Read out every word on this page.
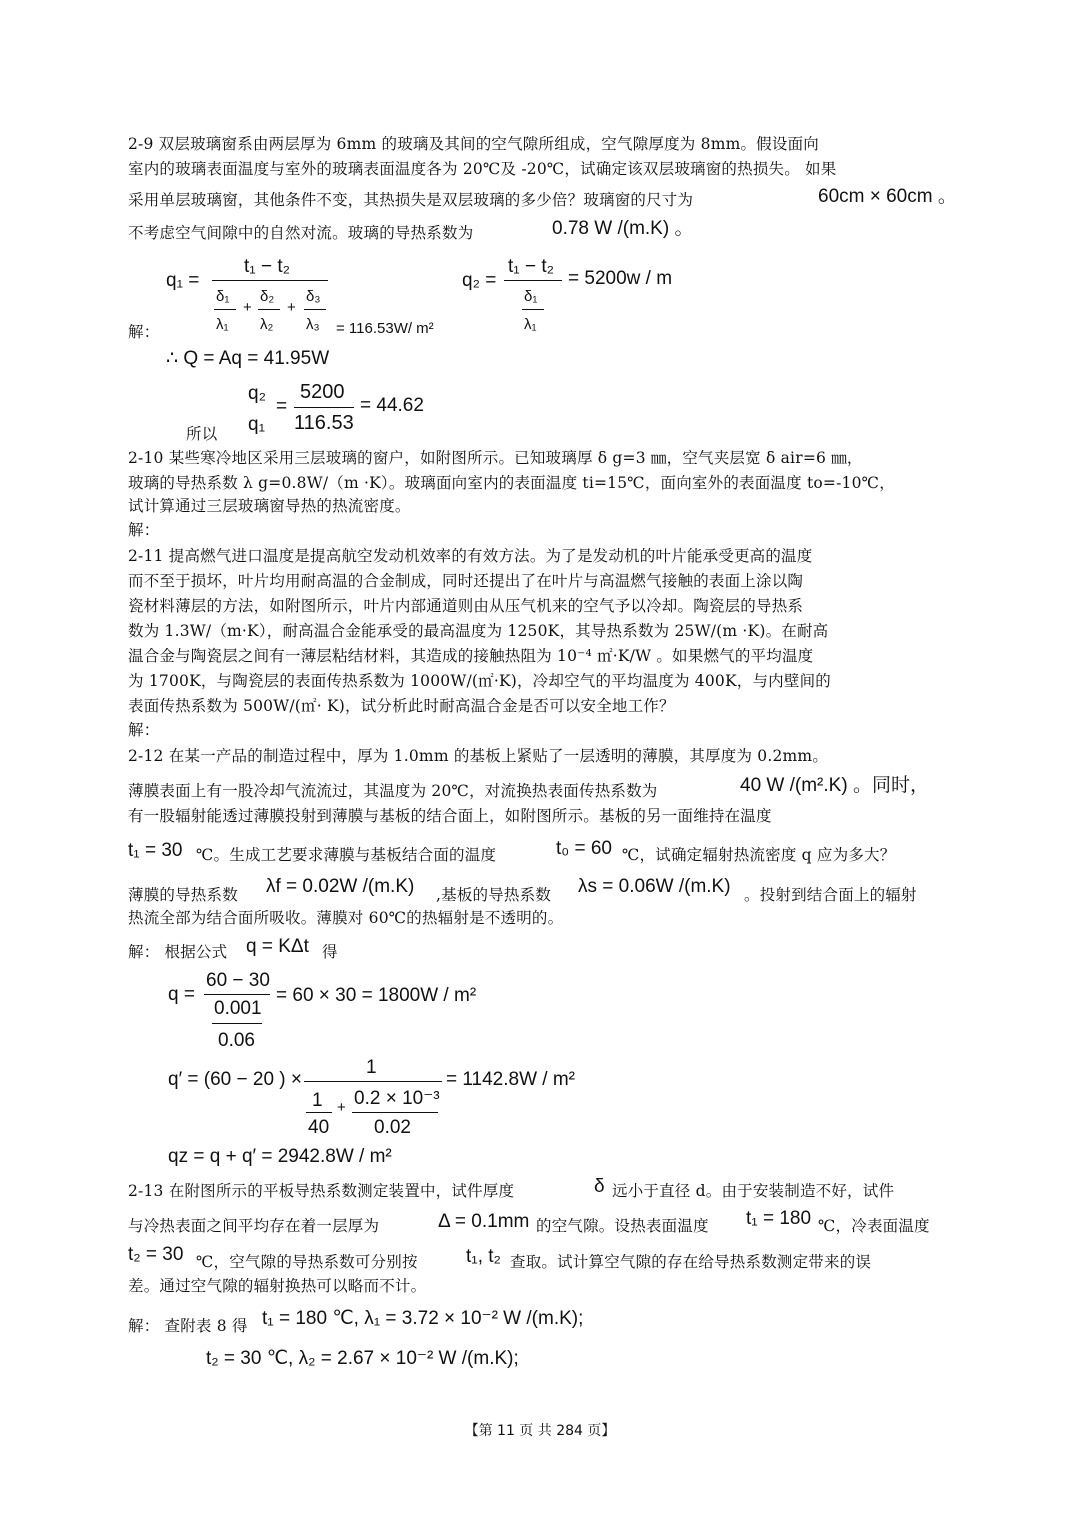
2-9 双层玻璃窗系由两层厚为 6mm 的玻璃及其间的空气隙所组成，空气隙厚度为 8mm。假设面向
室内的玻璃表面温度与室外的玻璃表面温度各为 20℃及 -20℃，试确定该双层玻璃窗的热损失。 如果
采用单层玻璃窗，其他条件不变，其热损失是双层玻璃的多少倍？玻璃窗的尺寸为	60cm × 60cm 。
不考虑空气间隙中的自然对流。玻璃的导热系数为	0.78 W /(m.K) 。
q₁ =
t₁ − t₂
δ₁
+
δ₂
+
δ₃
λ₁ λ₂ λ₃
解：	= 116.53W/ m²
q₂ =
t₁ − t₂
δ₁
λ₁
= 5200w / m
∴ Q = Aq = 41.95W
q₂
=
q₁
5200
116.53
= 44.62
所以
2-10 某些寒冷地区采用三层玻璃的窗户，如附图所示。已知玻璃厚 δ g=3 ㎜，空气夹层宽 δ air=6 ㎜，
玻璃的导热系数 λ g=0.8W/（m ·K）。玻璃面向室内的表面温度 ti=15℃，面向室外的表面温度 to=-10℃，
试计算通过三层玻璃窗导热的热流密度。
解：
2-11 提高燃气进口温度是提高航空发动机效率的有效方法。为了是发动机的叶片能承受更高的温度
而不至于损坏，叶片均用耐高温的合金制成，同时还提出了在叶片与高温燃气接触的表面上涂以陶
瓷材料薄层的方法，如附图所示，叶片内部通道则由从压气机来的空气予以冷却。陶瓷层的导热系
数为 1.3W/（m·K），耐高温合金能承受的最高温度为 1250K，其导热系数为 25W/(m ·K)。在耐高
温合金与陶瓷层之间有一薄层粘结材料，其造成的接触热阻为 10⁻⁴ ㎡·K/W 。如果燃气的平均温度
为 1700K，与陶瓷层的表面传热系数为 1000W/(㎡·K)，冷却空气的平均温度为 400K，与内壁间的
表面传热系数为 500W/(㎡· K)，试分析此时耐高温合金是否可以安全地工作？
解：
2-12 在某一产品的制造过程中，厚为 1.0mm 的基板上紧贴了一层透明的薄膜，其厚度为 0.2mm。
薄膜表面上有一股冷却气流流过，其温度为 20℃，对流换热表面传热系数为	40 W /(m².K) 。同时，
有一股辐射能透过薄膜投射到薄膜与基板的结合面上，如附图所示。基板的另一面维持在温度
t₁ = 30 ℃。生成工艺要求薄膜与基板结合面的温度	t₀ = 60 ℃，试确定辐射热流密度 q 应为多大？
薄膜的导热系数	λf = 0.02W /(m.K) ,基板的导热系数	λs = 0.06W /(m.K) 。投射到结合面上的辐射
热流全部为结合面所吸收。薄膜对 60℃的热辐射是不透明的。
解： 根据公式 q = KΔt 得
q =
60 − 30
0.001
0.06
= 60 × 30 = 1800W / m²
q′ = (60 − 20 ) ×
1
1
40
+ 0.2 × 10⁻³
0.02
= 1142.8W / m²
qz = q + q′ = 2942.8W / m²
2-13 在附图所示的平板导热系数测定装置中，试件厚度	δ 远小于直径 d。由于安装制造不好，试件
与冷热表面之间平均存在着一层厚为	Δ = 0.1mm 的空气隙。设热表面温度	t₁ = 180 ℃，冷表面温度
t₂ = 30 ℃，空气隙的导热系数可分别按	t₁, t₂ 查取。试计算空气隙的存在给导热系数测定带来的误
差。通过空气隙的辐射换热可以略而不计。
解： 查附表 8 得 t₁ = 180 ℃, λ₁ = 3.72 × 10⁻² W /(m.K);
t₂ = 30 ℃, λ₂ = 2.67 × 10⁻² W /(m.K);
【第 11 页 共 284 页】
